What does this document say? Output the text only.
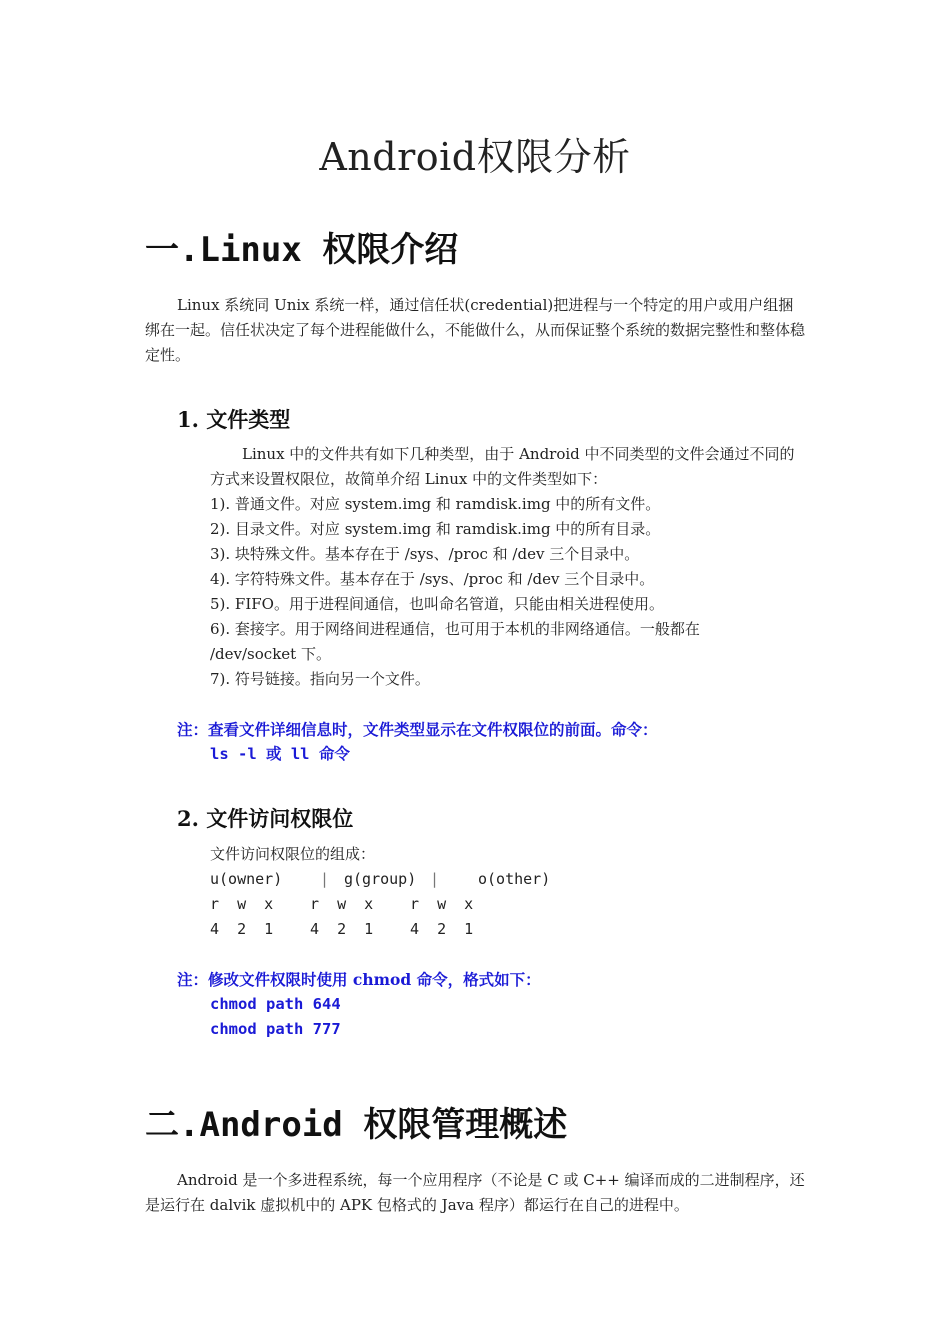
Android权限分析
一.Linux 权限介绍

Linux 系统同 Unix 系统一样，通过信任状(credential)把进程与一个特定的用户或用户组捆绑在一起。信任状决定了每个进程能做什么，不能做什么，从而保证整个系统的数据完整性和整体稳定性。

1. 文件类型

Linux 中的文件共有如下几种类型，由于 Android 中不同类型的文件会通过不同的方式来设置权限位，故简单介绍 Linux 中的文件类型如下：

1). 普通文件。对应 system.img 和 ramdisk.img 中的所有文件。
2). 目录文件。对应 system.img 和 ramdisk.img 中的所有目录。
3). 块特殊文件。基本存在于 /sys、/proc 和 /dev 三个目录中。
4). 字符特殊文件。基本存在于 /sys、/proc 和 /dev 三个目录中。
5). FIFO。用于进程间通信，也叫命名管道，只能由相关进程使用。
6). 套接字。用于网络间进程通信，也可用于本机的非网络通信。一般都在
/dev/socket 下。
7). 符号链接。指向另一个文件。
注：查看文件详细信息时，文件类型显示在文件权限位的前面。命令：
ls -l 或 ll 命令
2. 文件访问权限位
文件访问权限位的组成：
u(owner)	| g(group) |	o(other)
r  w  x r  w  x r  w  x
4  2  1 4  2  1 4  2  1
注：修改文件权限时使用 chmod 命令，格式如下：
chmod path 644
chmod path 777
二.Android 权限管理概述

Android 是一个多进程系统，每一个应用程序（不论是 C 或 C++ 编译而成的二进制程序，还是运行在 dalvik 虚拟机中的 APK 包格式的 Java 程序）都运行在自己的进程中。
